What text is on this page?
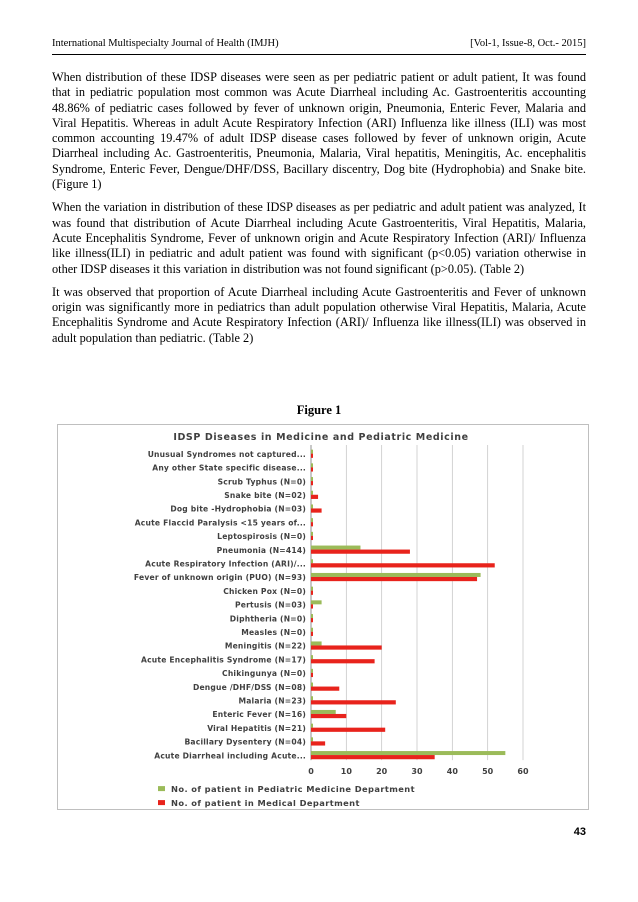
International Multispecialty Journal of Health (IMJH)	[Vol-1, Issue-8, Oct.- 2015]

When distribution of these IDSP diseases were seen as per pediatric patient or adult patient, It was found that in pediatric population most common was Acute Diarrheal including Ac. Gastroenteritis accounting 48.86% of pediatric cases followed by fever of unknown origin, Pneumonia, Enteric Fever, Malaria and Viral Hepatitis. Whereas in adult Acute Respiratory Infection (ARI) Influenza like illness (ILI) was most common accounting 19.47% of adult IDSP disease cases followed by fever of unknown origin, Acute Diarrheal including Ac. Gastroenteritis, Pneumonia, Malaria, Viral hepatitis, Meningitis, Ac. encephalitis Syndrome, Enteric Fever, Dengue/DHF/DSS, Bacillary discentry, Dog bite (Hydrophobia) and Snake bite. (Figure 1)

When the variation in distribution of these IDSP diseases as per pediatric and adult patient was analyzed, It was found that distribution of Acute Diarrheal including Acute Gastroenteritis, Viral Hepatitis, Malaria, Acute Encephalitis Syndrome, Fever of unknown origin and Acute Respiratory Infection (ARI)/ Influenza like illness(ILI) in pediatric and adult patient was found with significant (p<0.05) variation otherwise in other IDSP diseases it this variation in distribution was not found significant (p>0.05). (Table 2)

It was observed that proportion of Acute Diarrheal including Acute Gastroenteritis and Fever of unknown origin was significantly more in pediatrics than adult population otherwise Viral Hepatitis, Malaria, Acute Encephalitis Syndrome and Acute Respiratory Infection (ARI)/ Influenza like illness(ILI) was observed in adult population than pediatric. (Table 2)

Figure 1
IDSP Diseases in Medicine and Pediatric Medicine
0	10	20	30	40	50	60
Unusual Syndromes not captured...
Any other State specific disease...
Scrub Typhus (N=0)
Snake bite (N=02)
Dog bite -Hydrophobia (N=03)
Acute Flaccid Paralysis <15 years of...
Leptospirosis (N=0)
Pneumonia (N=414)
Acute Respiratory Infection (ARI)/...
Fever of unknown origin (PUO) (N=93)
Chicken Pox (N=0)
Pertusis (N=03)
Diphtheria (N=0)
Measles (N=0)
Meningitis (N=22)
Acute Encephalitis Syndrome (N=17)
Chikingunya (N=0)
Dengue /DHF/DSS (N=08)
Malaria (N=23)
Enteric Fever (N=16)
Viral Hepatitis (N=21)
Bacillary Dysentery (N=04)
Acute Diarrheal including Acute...
No. of patient in Pediatric Medicine Department
No. of patient in Medical Department
43
